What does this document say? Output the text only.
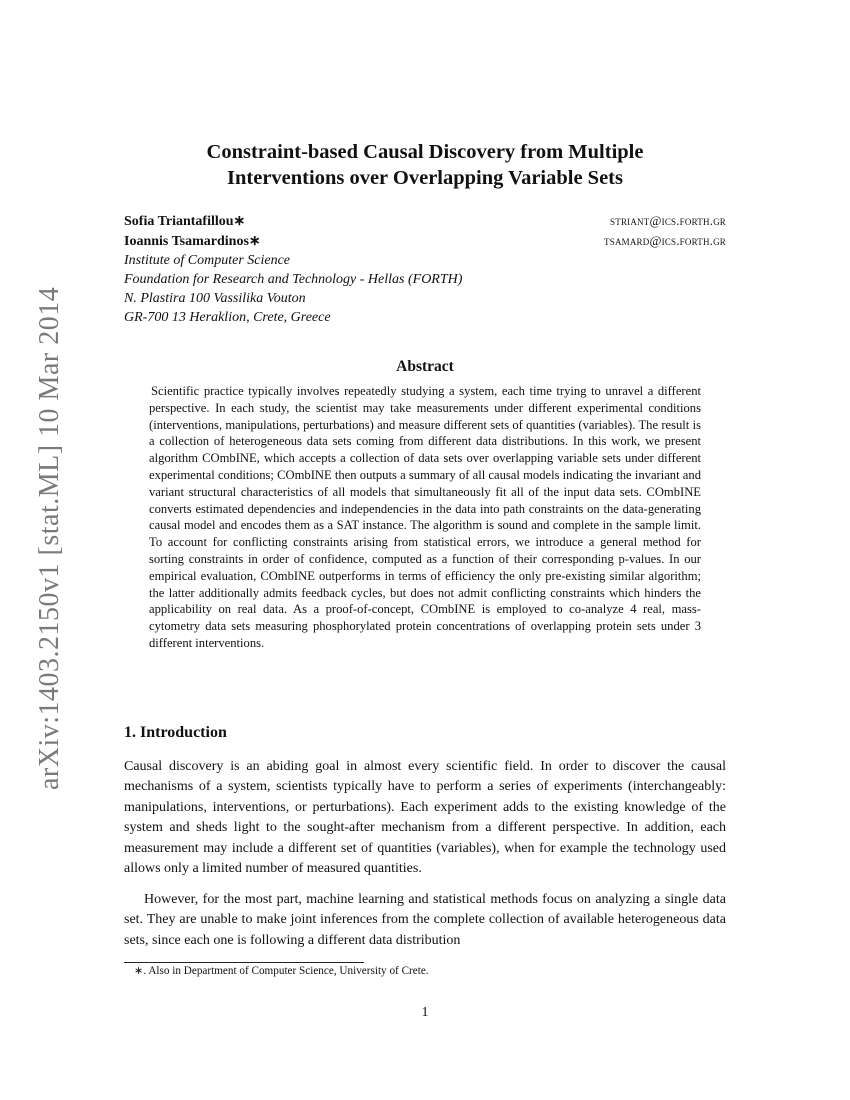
arXiv:1403.2150v1 [stat.ML] 10 Mar 2014
Constraint-based Causal Discovery from Multiple
Interventions over Overlapping Variable Sets
Sofia Triantafillou∗	striant@ics.forth.gr
Ioannis Tsamardinos∗	tsamard@ics.forth.gr
Institute of Computer Science
Foundation for Research and Technology - Hellas (FORTH)
N. Plastira 100 Vassilika Vouton
GR-700 13 Heraklion, Crete, Greece
Abstract

Scientific practice typically involves repeatedly studying a system, each time trying to unravel a different perspective. In each study, the scientist may take measurements under different experimental conditions (interventions, manipulations, perturbations) and measure different sets of quantities (variables). The result is a collection of heterogeneous data sets coming from different data distributions. In this work, we present algorithm COmbINE, which accepts a collection of data sets over overlapping variable sets under different experimental conditions; COmbINE then outputs a summary of all causal models indicating the invariant and variant structural characteristics of all models that simultaneously fit all of the input data sets. COmbINE converts estimated dependencies and independencies in the data into path constraints on the data-generating causal model and encodes them as a SAT instance. The algorithm is sound and complete in the sample limit. To account for conflicting constraints arising from statistical errors, we introduce a general method for sorting constraints in order of confidence, computed as a function of their corresponding p-values. In our empirical evaluation, COmbINE outperforms in terms of efficiency the only pre-existing similar algorithm; the latter additionally admits feedback cycles, but does not admit conflicting constraints which hinders the applicability on real data. As a proof-of-concept, COmbINE is employed to co-analyze 4 real, mass-cytometry data sets measuring phosphorylated protein concentrations of overlapping protein sets under 3 different interventions.

1. Introduction

Causal discovery is an abiding goal in almost every scientific field. In order to discover the causal mechanisms of a system, scientists typically have to perform a series of experiments (interchangeably: manipulations, interventions, or perturbations). Each experiment adds to the existing knowledge of the system and sheds light to the sought-after mechanism from a different perspective. In addition, each measurement may include a different set of quantities (variables), when for example the technology used allows only a limited number of measured quantities.

However, for the most part, machine learning and statistical methods focus on analyzing a single data set. They are unable to make joint inferences from the complete collection of available heterogeneous data sets, since each one is following a different data distribution

∗. Also in Department of Computer Science, University of Crete.

1
